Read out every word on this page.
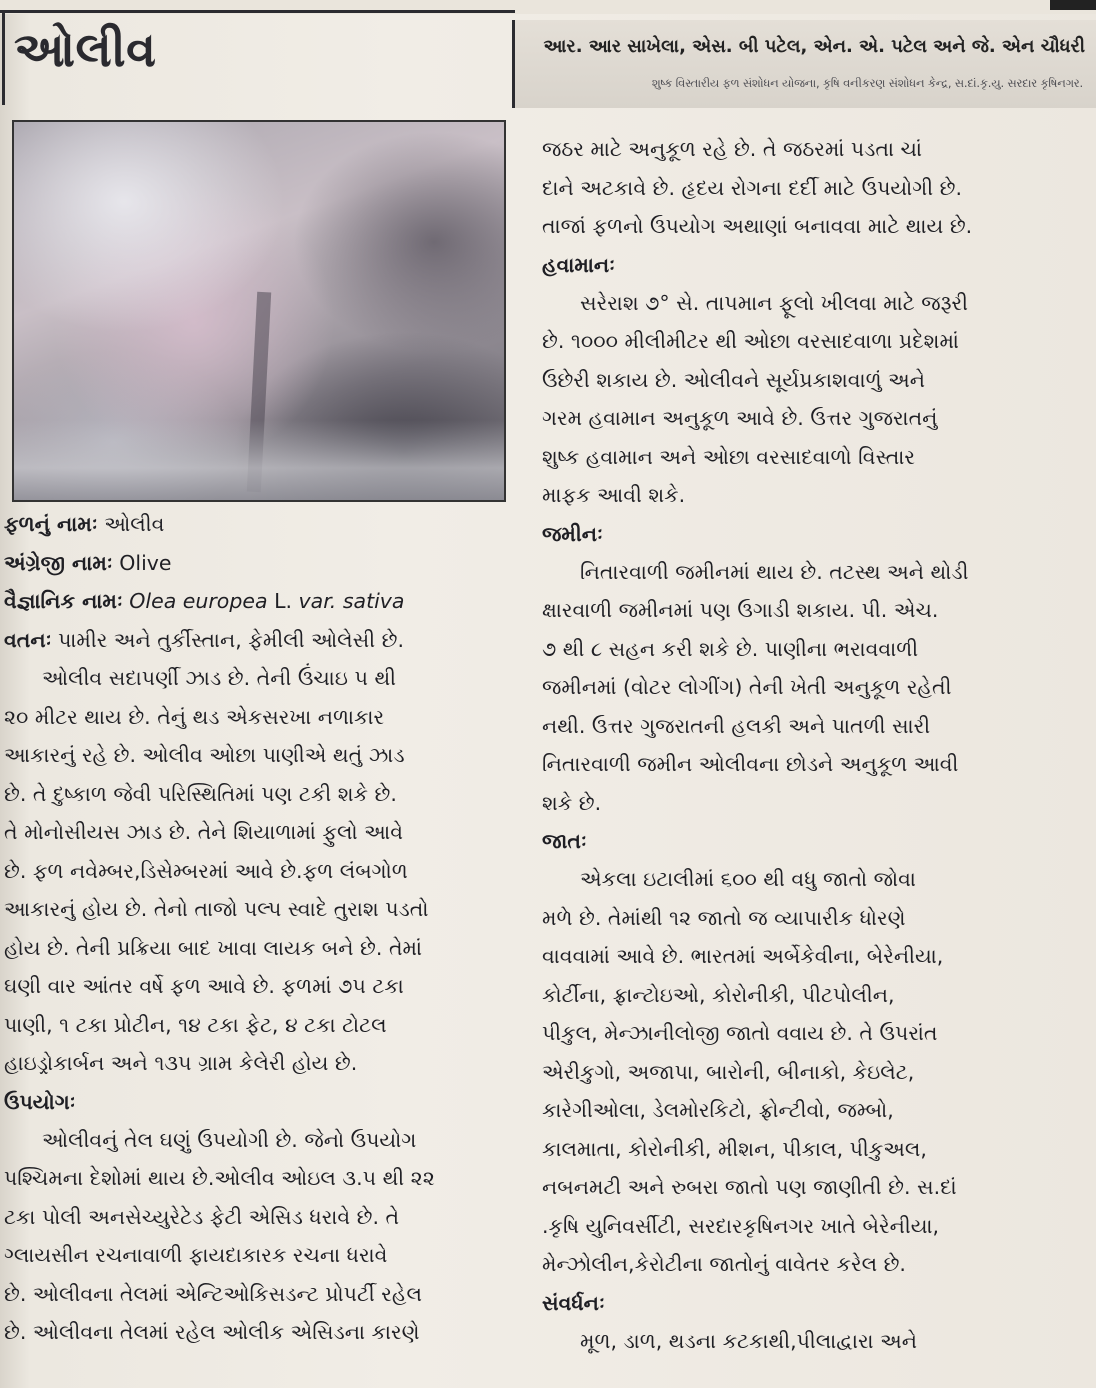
ઓલીવ	આર. આર સાખેલા, એસ. બી પટેલ, એન. એ. પટેલ અને જે. એન ચૌધરી
શુષ્ક વિસ્તારીય ફળ સંશોધન યોજના, કૃષિ વનીકરણ સંશોધન કેન્દ્ર, સ.દાં.કૃ.યુ. સરદાર કૃષિનગર.
ફળનું નામઃ ઓલીવ
અંગ્રેજી નામઃ Olive
વૈજ્ઞાનિક નામઃ Olea europea L. var. sativa
વતનઃ પામીર અને તુર્કીસ્તાન, ફેમીલી ઓલેસી છે.
ઓલીવ સદાપર્ણી ઝાડ છે. તેની ઉંચાઇ ૫ થી
૨૦ મીટર થાય છે. તેનું થડ એકસરખા નળાકાર
આકારનું રહે છે. ઓલીવ ઓછા પાણીએ થતું ઝાડ
છે. તે દુષ્કાળ જેવી પરિસ્થિતિમાં પણ ટકી શકે છે.
તે મોનોસીયસ ઝાડ છે. તેને શિયાળામાં ફુલો આવે
છે. ફળ નવેમ્બર,ડિસેમ્બરમાં આવે છે.ફળ લંબગોળ
આકારનું હોય છે. તેનો તાજો પલ્પ સ્વાદે તુરાશ પડતો
હોય છે. તેની પ્રક્રિયા બાદ ખાવા લાયક બને છે. તેમાં
ઘણી વાર આંતર વર્ષે ફળ આવે છે. ફળમાં ૭૫ ટકા
પાણી, ૧ ટકા પ્રોટીન, ૧૪ ટકા ફેટ, ૪ ટકા ટોટલ
હાઇડ્રોકાર્બન અને ૧૩૫ ગ્રામ કેલેરી હોય છે.
ઉપયોગઃ
ઓલીવનું તેલ ઘણું ઉપયોગી છે. જેનો ઉપયોગ
પશ્ચિમના દેશોમાં થાય છે.ઓલીવ ઓઇલ ૩.૫ થી ૨૨
ટકા પોલી અનસેચ્યુરેટેડ ફેટી એસિડ ધરાવે છે. તે
ગ્લાયસીન રચનાવાળી ફાયદાકારક રચના ધરાવે
છે. ઓલીવના તેલમાં એન્ટિઓકિસડન્ટ પ્રોપર્ટી રહેલ
છે. ઓલીવના તેલમાં રહેલ ઓલીક એસિડના કારણે
જઠર માટે અનુકૂળ રહે છે. તે જઠરમાં પડતા ચાં
દાને અટકાવે છે. હૃદય રોગના દર્દી માટે ઉપયોગી છે.
તાજાં ફળનો ઉપયોગ અથાણાં બનાવવા માટે થાય છે.
હવામાનઃ
સરેરાશ ૭° સે. તાપમાન ફૂલો ખીલવા માટે જરૂરી
છે. ૧૦૦૦ મીલીમીટર થી ઓછા વરસાદવાળા પ્રદેશમાં
ઉછેરી શકાય છે. ઓલીવને સૂર્યપ્રકાશવાળું અને
ગરમ હવામાન અનુકૂળ આવે છે. ઉત્તર ગુજરાતનું
શુષ્ક હવામાન અને ઓછા વરસાદવાળો વિસ્તાર
માફક આવી શકે.
જમીનઃ
નિતારવાળી જમીનમાં થાય છે. તટસ્થ અને થોડી
ક્ષારવાળી જમીનમાં પણ ઉગાડી શકાય. પી. એચ.
૭ થી ૮ સહન કરી શકે છે. પાણીના ભરાવવાળી
જમીનમાં (વોટર લોગીંગ) તેની ખેતી અનુકૂળ રહેતી
નથી. ઉત્તર ગુજરાતની હલકી અને પાતળી સારી
નિતારવાળી જમીન ઓલીવના છોડને અનુકૂળ આવી
શકે છે.
જાતઃ
એકલા ઇટાલીમાં ૬૦૦ થી વધુ જાતો જોવા
મળે છે. તેમાંથી ૧૨ જાતો જ વ્યાપારીક ધોરણે
વાવવામાં આવે છે. ભારતમાં અર્બેકેવીના, બેરેનીયા,
કોર્ટીના, ફ્રાન્ટોઇઓ, કોરોનીકી, પીટપોલીન,
પીકુલ, મેન્ઝાનીલોજી જાતો વવાય છે. તે ઉપરાંત
એરીકુગો, અજાપા, બારોની, બીનાકો, કેઇલેટ,
કારેગીઓલા, ડેલમોરકિટો, ફ્રોન્ટીવો, જમ્બો,
કાલમાતા, કોરોનીકી, મીશન, પીકાલ, પીકુઅલ,
નબનમટી અને રુબરા જાતો પણ જાણીતી છે. સ.દાં
.કૃષિ યુનિવર્સીટી, સરદારકૃષિનગર ખાતે બેરેનીયા,
મેન્ઝોલીન,કેરોટીના જાતોનું વાવેતર કરેલ છે.
સંવર્ધનઃ
મૂળ, ડાળ, થડના કટકાથી,પીલાદ્વારા અને
